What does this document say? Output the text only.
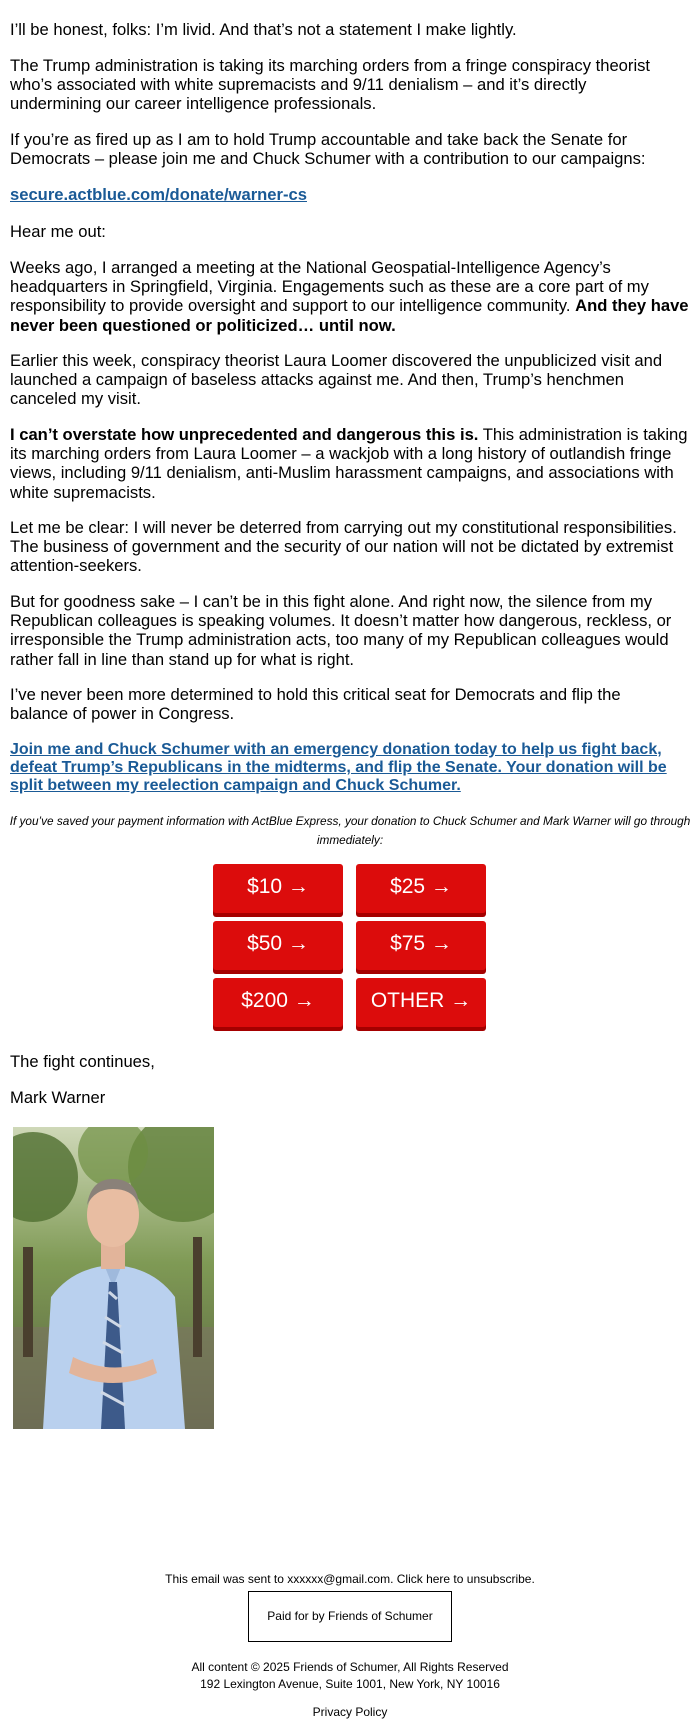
I’ll be honest, folks: I’m livid. And that’s not a statement I make lightly.

The Trump administration is taking its marching orders from a fringe conspiracy theorist who’s associated with white supremacists and 9/11 denialism – and it’s directly undermining our career intelligence professionals.

If you’re as fired up as I am to hold Trump accountable and take back the Senate for Democrats – please join me and Chuck Schumer with a contribution to our campaigns:

secure.actblue.com/donate/warner-cs

Hear me out:

Weeks ago, I arranged a meeting at the National Geospatial-Intelligence Agency’s headquarters in Springfield, Virginia. Engagements such as these are a core part of my responsibility to provide oversight and support to our intelligence community. And they have never been questioned or politicized… until now.

Earlier this week, conspiracy theorist Laura Loomer discovered the unpublicized visit and launched a campaign of baseless attacks against me. And then, Trump’s henchmen canceled my visit.

I can’t overstate how unprecedented and dangerous this is. This administration is taking its marching orders from Laura Loomer – a wackjob with a long history of outlandish fringe views, including 9/11 denialism, anti-Muslim harassment campaigns, and associations with white supremacists.

Let me be clear: I will never be deterred from carrying out my constitutional responsibilities. The business of government and the security of our nation will not be dictated by extremist attention-seekers.

But for goodness sake – I can’t be in this fight alone. And right now, the silence from my Republican colleagues is speaking volumes. It doesn’t matter how dangerous, reckless, or irresponsible the Trump administration acts, too many of my Republican colleagues would rather fall in line than stand up for what is right.

I’ve never been more determined to hold this critical seat for Democrats and flip the balance of power in Congress.

Join me and Chuck Schumer with an emergency donation today to help us fight back, defeat Trump’s Republicans in the midterms, and flip the Senate. Your donation will be split between my reelection campaign and Chuck Schumer.
If you’ve saved your payment information with ActBlue Express, your donation to Chuck Schumer and Mark Warner will go through immediately:
$10 →	$25 →
$50 →	$75 →
$200 →	OTHER →

The fight continues,

Mark Warner

This email was sent to xxxxxx@gmail.com. Click here to unsubscribe.
Paid for by Friends of Schumer
All content © 2025 Friends of Schumer, All Rights Reserved
192 Lexington Avenue, Suite 1001, New York, NY 10016
Privacy Policy
